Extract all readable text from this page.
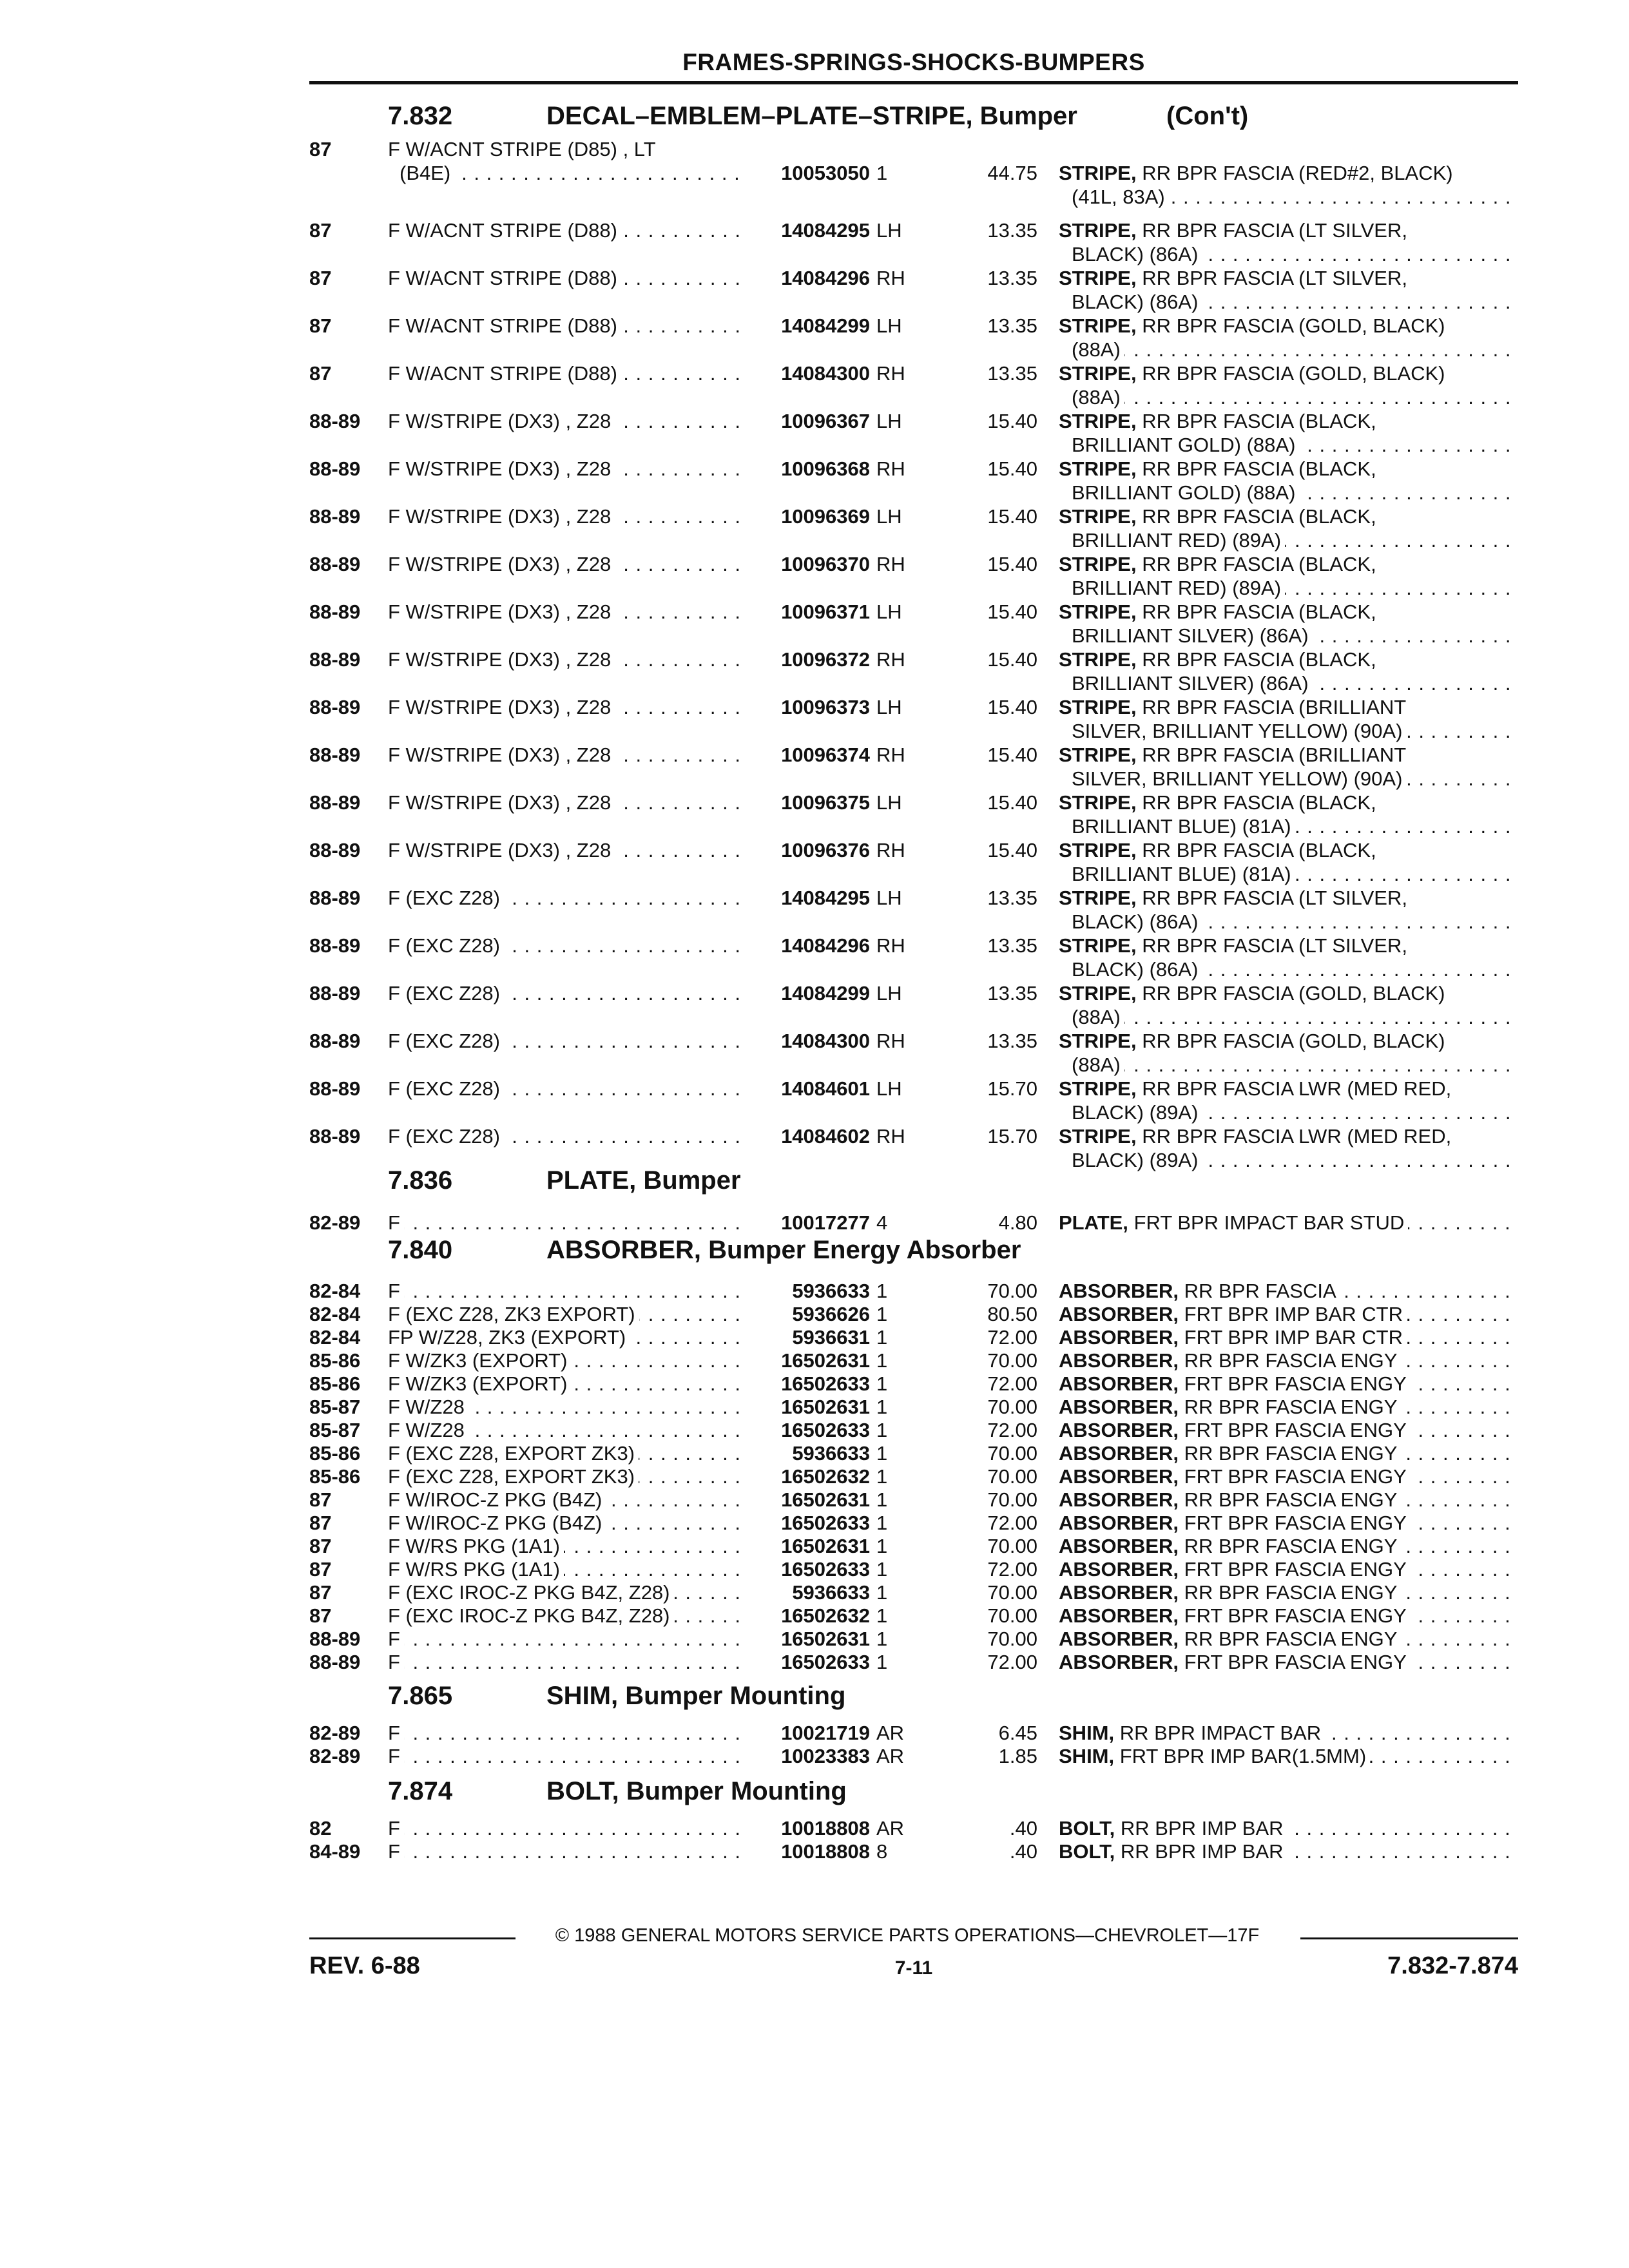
FRAMES-SPRINGS-SHOCKS-BUMPERS
7.832	DECAL–EMBLEM–PLATE–STRIPE, Bumper	(Con't)
7.836	PLATE, Bumper
7.840	ABSORBER, Bumper Energy Absorber
7.865	SHIM, Bumper Mounting
7.874	BOLT, Bumper Mounting
87	F W/ACNT STRIPE (D85) , LT
(B4E) . . .	10053050 1	44.75 STRIPE, RR BPR FASCIA (RED#2, BLACK)
(41L, 83A) . . .
87	F W/ACNT STRIPE (D88) . . .	14084295 LH	13.35 STRIPE, RR BPR FASCIA (LT SILVER,
BLACK) (86A) . . .
87	F W/ACNT STRIPE (D88) . . .	14084296 RH	13.35 STRIPE, RR BPR FASCIA (LT SILVER,
BLACK) (86A) . . .
87	F W/ACNT STRIPE (D88) . . .	14084299 LH	13.35 STRIPE, RR BPR FASCIA (GOLD, BLACK)
(88A) . . .
87	F W/ACNT STRIPE (D88) . . .	14084300 RH	13.35 STRIPE, RR BPR FASCIA (GOLD, BLACK)
(88A) . . .
88-89	F W/STRIPE (DX3) , Z28 . . .	10096367 LH	15.40 STRIPE, RR BPR FASCIA (BLACK,
BRILLIANT GOLD) (88A) . . .
88-89	F W/STRIPE (DX3) , Z28 . . .	10096368 RH	15.40 STRIPE, RR BPR FASCIA (BLACK,
BRILLIANT GOLD) (88A) . . .
88-89	F W/STRIPE (DX3) , Z28 . . .	10096369 LH	15.40 STRIPE, RR BPR FASCIA (BLACK,
BRILLIANT RED) (89A) . . .
88-89	F W/STRIPE (DX3) , Z28 . . .	10096370 RH	15.40 STRIPE, RR BPR FASCIA (BLACK,
BRILLIANT RED) (89A) . . .
88-89	F W/STRIPE (DX3) , Z28 . . .	10096371 LH	15.40 STRIPE, RR BPR FASCIA (BLACK,
BRILLIANT SILVER) (86A) . . .
88-89	F W/STRIPE (DX3) , Z28 . . .	10096372 RH	15.40 STRIPE, RR BPR FASCIA (BLACK,
BRILLIANT SILVER) (86A) . . .
88-89	F W/STRIPE (DX3) , Z28 . . .	10096373 LH	15.40 STRIPE, RR BPR FASCIA (BRILLIANT
SILVER, BRILLIANT YELLOW) (90A) . . .
88-89	F W/STRIPE (DX3) , Z28 . . .	10096374 RH	15.40 STRIPE, RR BPR FASCIA (BRILLIANT
SILVER, BRILLIANT YELLOW) (90A) . . .
88-89	F W/STRIPE (DX3) , Z28 . . .	10096375 LH	15.40 STRIPE, RR BPR FASCIA (BLACK,
BRILLIANT BLUE) (81A) . . .
88-89	F W/STRIPE (DX3) , Z28 . . .	10096376 RH	15.40 STRIPE, RR BPR FASCIA (BLACK,
BRILLIANT BLUE) (81A) . . .
88-89	F (EXC Z28) . . .	14084295 LH	13.35 STRIPE, RR BPR FASCIA (LT SILVER,
BLACK) (86A) . . .
88-89	F (EXC Z28) . . .	14084296 RH	13.35 STRIPE, RR BPR FASCIA (LT SILVER,
BLACK) (86A) . . .
88-89	F (EXC Z28) . . .	14084299 LH	13.35 STRIPE, RR BPR FASCIA (GOLD, BLACK)
(88A) . . .
88-89	F (EXC Z28) . . .	14084300 RH	13.35 STRIPE, RR BPR FASCIA (GOLD, BLACK)
(88A) . . .
88-89	F (EXC Z28) . . .	14084601 LH	15.70 STRIPE, RR BPR FASCIA LWR (MED RED,
BLACK) (89A) . . .
88-89	F (EXC Z28) . . .	14084602 RH	15.70 STRIPE, RR BPR FASCIA LWR (MED RED,
BLACK) (89A) . . .
82-89	F . . .	10017277 4	4.80 PLATE, FRT BPR IMPACT BAR STUD . . .
82-84	F . . .	5936633 1	70.00 ABSORBER, RR BPR FASCIA . . .
82-84	F (EXC Z28, ZK3 EXPORT) . . .	5936626 1	80.50 ABSORBER, FRT BPR IMP BAR CTR . . .
82-84	FP W/Z28, ZK3 (EXPORT) . . .	5936631 1	72.00 ABSORBER, FRT BPR IMP BAR CTR . . .
85-86	F W/ZK3 (EXPORT) . . .	16502631 1	70.00 ABSORBER, RR BPR FASCIA ENGY . . .
85-86	F W/ZK3 (EXPORT) . . .	16502633 1	72.00 ABSORBER, FRT BPR FASCIA ENGY . . .
85-87	F W/Z28 . . .	16502631 1	70.00 ABSORBER, RR BPR FASCIA ENGY . . .
85-87	F W/Z28 . . .	16502633 1	72.00 ABSORBER, FRT BPR FASCIA ENGY . . .
85-86	F (EXC Z28, EXPORT ZK3) . . .	5936633 1	70.00 ABSORBER, RR BPR FASCIA ENGY . . .
85-86	F (EXC Z28, EXPORT ZK3) . . .	16502632 1	70.00 ABSORBER, FRT BPR FASCIA ENGY . . .
87	F W/IROC-Z PKG (B4Z) . . .	16502631 1	70.00 ABSORBER, RR BPR FASCIA ENGY . . .
87	F W/IROC-Z PKG (B4Z) . . .	16502633 1	72.00 ABSORBER, FRT BPR FASCIA ENGY . . .
87	F W/RS PKG (1A1) . . .	16502631 1	70.00 ABSORBER, RR BPR FASCIA ENGY . . .
87	F W/RS PKG (1A1) . . .	16502633 1	72.00 ABSORBER, FRT BPR FASCIA ENGY . . .
87	F (EXC IROC-Z PKG B4Z, Z28) . . .	5936633 1	70.00 ABSORBER, RR BPR FASCIA ENGY . . .
87	F (EXC IROC-Z PKG B4Z, Z28) . . .	16502632 1	70.00 ABSORBER, FRT BPR FASCIA ENGY . . .
88-89	F . . .	16502631 1	70.00 ABSORBER, RR BPR FASCIA ENGY . . .
88-89	F . . .	16502633 1	72.00 ABSORBER, FRT BPR FASCIA ENGY . . .
82-89	F . . .	10021719 AR	6.45 SHIM, RR BPR IMPACT BAR . . .
82-89	F . . .	10023383 AR	1.85 SHIM, FRT BPR IMP BAR(1.5MM) . . .
82	F . . .	10018808 AR	.40 BOLT, RR BPR IMP BAR . . .
84-89	F . . .	10018808 8	.40 BOLT, RR BPR IMP BAR . . .
© 1988 GENERAL MOTORS SERVICE PARTS OPERATIONS—CHEVROLET—17F
REV. 6-88	7-11	7.832-7.874
